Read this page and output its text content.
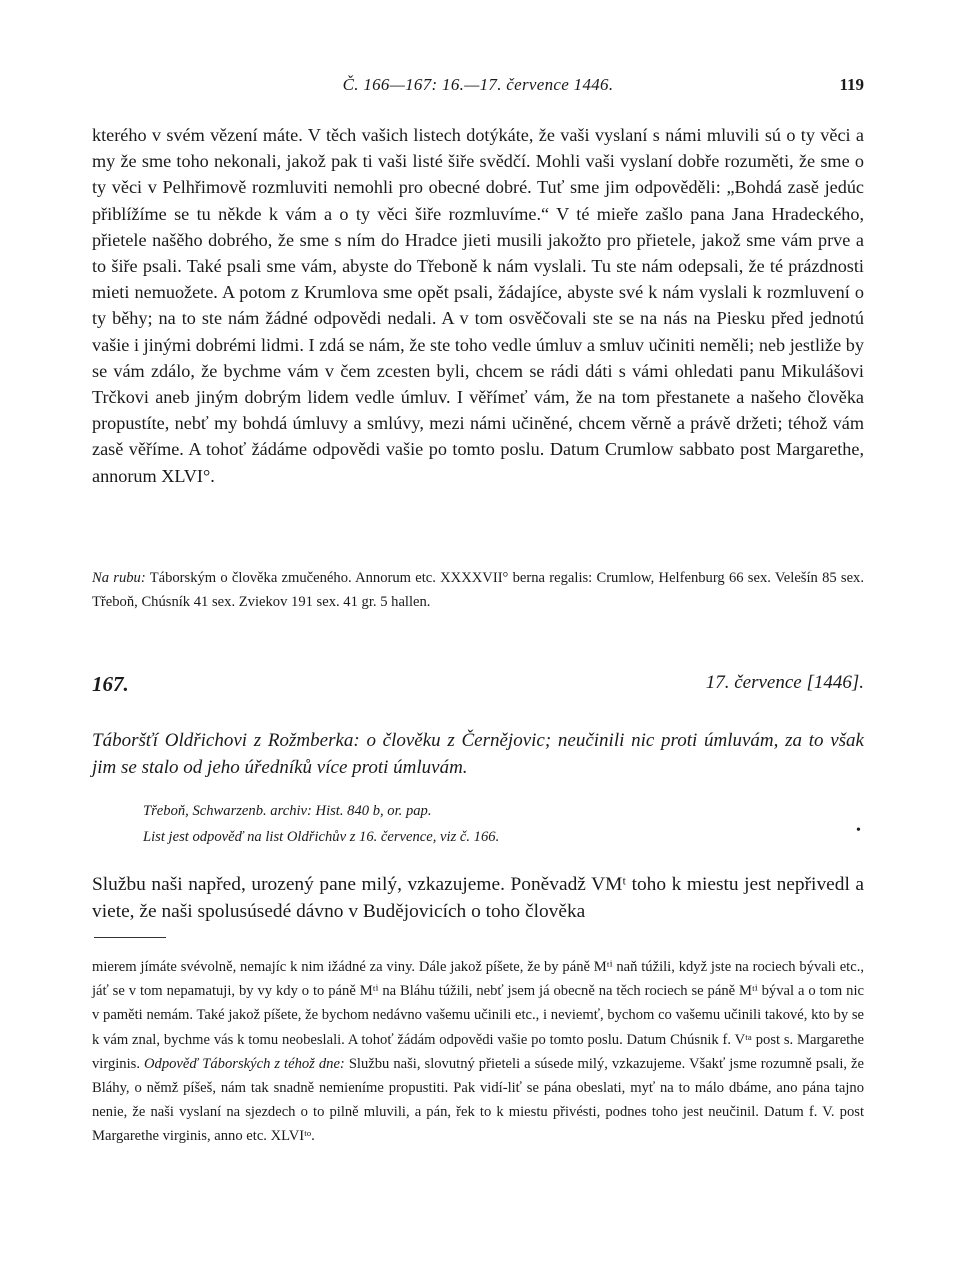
Č. 166—167: 16.—17. července 1446.	119

kterého v svém vězení máte. V těch vašich listech dotýkáte, že vaši vyslaní s námi mluvili sú o ty věci a my že sme toho nekonali, jakož pak ti vaši listé šiře svědčí. Mohli vaši vyslaní dobře rozuměti, že sme o ty věci v Pelhřimově rozmluviti nemohli pro obecné dobré. Tuť sme jim odpověděli: „Bohdá zasě jedúc přiblížíme se tu někde k vám a o ty věci šiře rozmluvíme.“ V té mieře zašlo pana Jana Hradeckého, přietele našěho dobrého, že sme s ním do Hradce jieti musili jakožto pro přietele, jakož sme vám prve a to šiře psali. Také psali sme vám, abyste do Třeboně k nám vyslali. Tu ste nám odepsali, že té prázdnosti mieti nemuožete. A potom z Krumlova sme opět psali, žádajíce, abyste své k nám vyslali k rozmluvení o ty běhy; na to ste nám žádné odpovědi nedali. A v tom osvěčovali ste se na nás na Piesku před jednotú vašie i jinými dobrémi lidmi. I zdá se nám, že ste toho vedle úmluv a smluv učiniti neměli; neb jestliže by se vám zdálo, že bychme vám v čem zcesten byli, chcem se rádi dáti s vámi ohledati panu Mikulášovi Trčkovi aneb jiným dobrým lidem vedle úmluv. I věřímeť vám, že na tom přestanete a našeho člověka propustíte, nebť my bohdá úmluvy a smlúvy, mezi námi učiněné, chcem věrně a právě držeti; téhož vám zasě věříme. A tohoť žádáme odpovědi vašie po tomto poslu. Datum Crumlow sabbato post Margarethe, annorum XLVI°.

Na rubu: Táborským o člověka zmučeného. Annorum etc. XXXXVII° berna regalis: Crumlow, Helfenburg 66 sex. Velešín 85 sex. Třeboň, Chúsník 41 sex. Zviekov 191 sex. 41 gr. 5 hallen.
167.	17. července [1446].
Táboršťí Oldřichovi z Rožmberka: o člověku z Černějovic; neučinili nic proti úmluvám, za to však jim se stalo od jeho úředníků více proti úmluvám.
Třeboň, Schwarzenb. archiv: Hist. 840 b, or. pap.
List jest odpověď na list Oldřichův z 16. července, viz č. 166.	•
Službu naši napřed, urozený pane milý, vzkazujeme. Poněvadž VMᵗ toho k miestu jest nepřivedl a viete, že naši spolusúsedé dávno v Budějovicích o toho člověka
mierem jímáte svévolně, nemajíc k nim ižádné za viny. Dále jakož píšete, že by páně Mᵗⁱ naň túžili, když jste na rociech bývali etc., jáť se v tom nepamatuji, by vy kdy o to páně Mᵗⁱ na Bláhu túžili, nebť jsem já obecně na těch rociech se páně Mᵗⁱ býval a o tom nic v paměti nemám. Také jakož píšete, že bychom nedávno vašemu učinili etc., i neviemť, bychom co vašemu učinili takové, kto by se k vám znal, bychme vás k tomu neobeslali. A tohoť žádám odpovědi vašie po tomto poslu. Datum Chúsnik f. Vᵗᵃ post s. Margarethe virginis. Odpověď Táborských z téhož dne: Službu naši, slovutný přieteli a súsede milý, vzkazujeme. Všakť jsme rozumně psali, že Bláhy, o němž píšeš, nám tak snadně nemieníme propustiti. Pak vidí-liť se pána obeslati, myť na to málo dbáme, ano pána tajno nenie, že naši vyslaní na sjezdech o to pilně mluvili, a pán, řek to k miestu přivésti, podnes toho jest neučinil. Datum f. V. post Margarethe virginis, anno etc. XLVIᵗᵒ.
